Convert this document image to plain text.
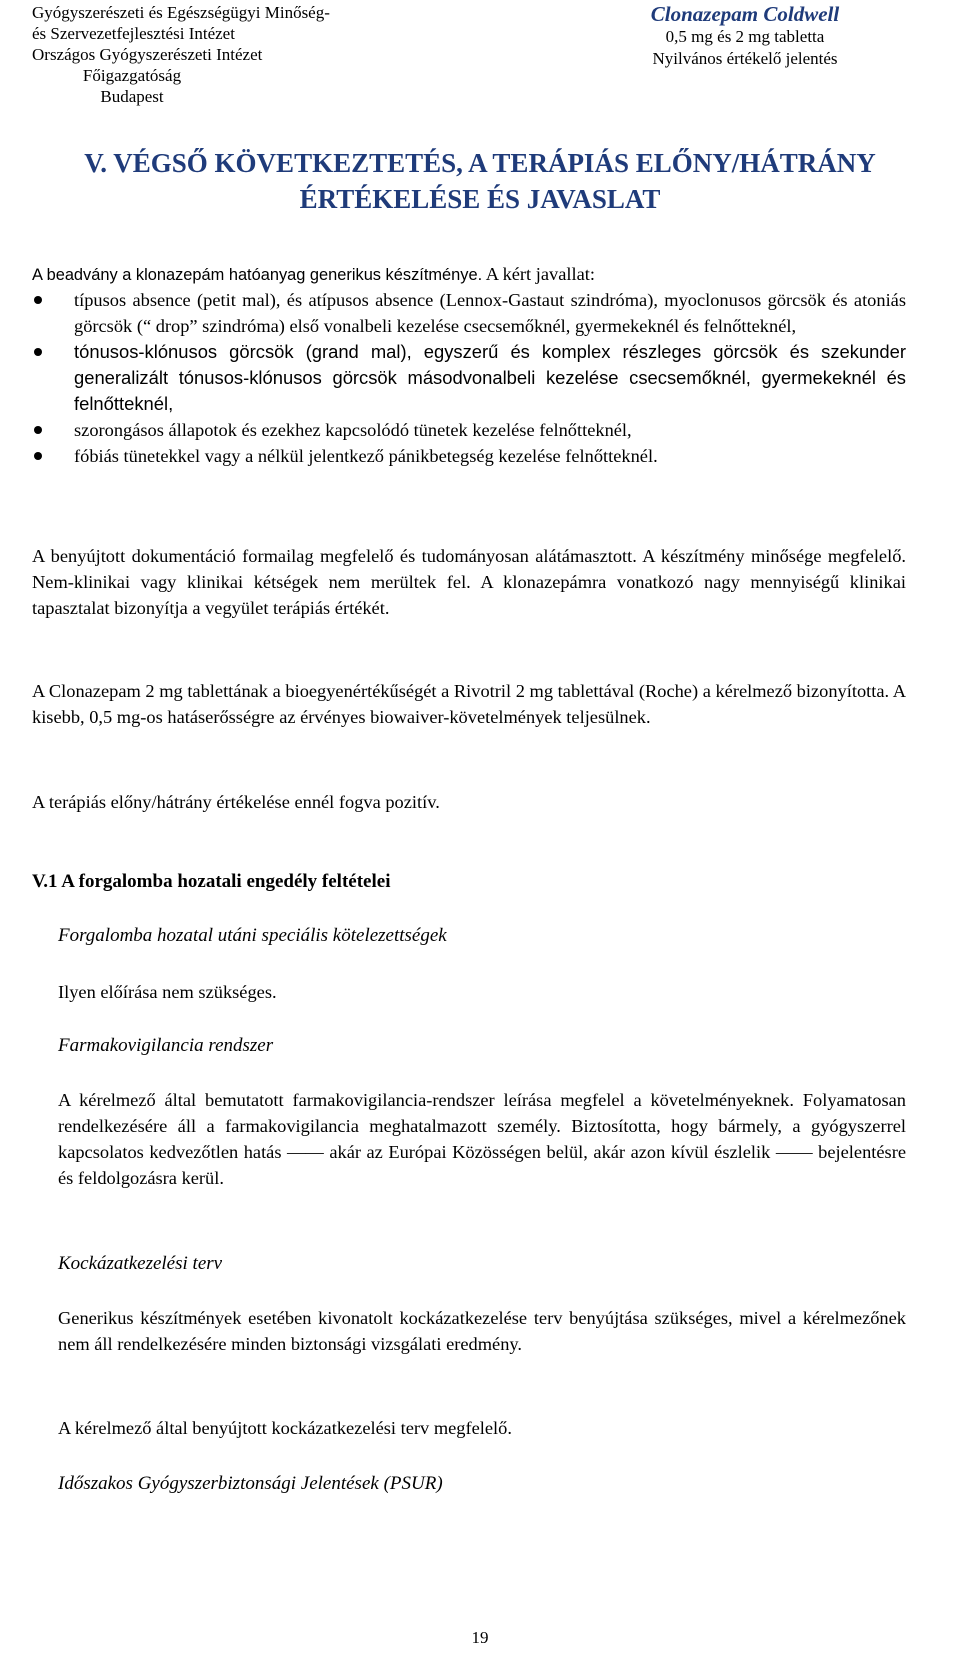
Gyógyszerészeti és Egészségügyi Minőség-
és Szervezetfejlesztési Intézet
Országos Gyógyszerészeti Intézet
Főigazgatóság
Budapest
Clonazepam Coldwell
0,5 mg és 2 mg tabletta
Nyilvános értékelő jelentés
V. VÉGSŐ KÖVETKEZTETÉS, A TERÁPIÁS ELŐNY/HÁTRÁNY
ÉRTÉKELÉSE ÉS JAVASLAT
A beadvány a klonazepám hatóanyag generikus készítménye. A kért javallat:
típusos absence (petit mal), és atípusos absence (Lennox-Gastaut szindróma), myoclonusos görcsök és atoniás görcsök (“ drop” szindróma) első vonalbeli kezelése csecsemőknél, gyermekeknél és felnőtteknél,
tónusos-klónusos görcsök (grand mal), egyszerű és komplex részleges görcsök és szekunder generalizált tónusos-klónusos görcsök másodvonalbeli kezelése csecsemőknél, gyermekeknél és felnőtteknél,
szorongásos állapotok és ezekhez kapcsolódó tünetek kezelése felnőtteknél,
fóbiás tünetekkel vagy a nélkül jelentkező pánikbetegség kezelése felnőtteknél.
A benyújtott dokumentáció formailag megfelelő és tudományosan alátámasztott. A készítmény minősége megfelelő. Nem-klinikai vagy klinikai kétségek nem merültek fel. A klonazepámra vonatkozó nagy mennyiségű klinikai tapasztalat bizonyítja a vegyület terápiás értékét.
A Clonazepam 2 mg tablettának a bioegyenértékűségét a Rivotril 2 mg tablettával (Roche) a kérelmező bizonyította. A kisebb, 0,5 mg-os hatáserősségre az érvényes biowaiver-követelmények teljesülnek.
A terápiás előny/hátrány értékelése ennél fogva pozitív.
V.1 A forgalomba hozatali engedély feltételei
Forgalomba hozatal utáni speciális kötelezettségek
Ilyen előírása nem szükséges.
Farmakovigilancia rendszer
A kérelmező által bemutatott farmakovigilancia-rendszer leírása megfelel a követelményeknek. Folyamatosan rendelkezésére áll a farmakovigilancia meghatalmazott személy. Biztosította, hogy bármely, a gyógyszerrel kapcsolatos kedvezőtlen hatás —— akár az Európai Közösségen belül, akár azon kívül észlelik —— bejelentésre és feldolgozásra kerül.
Kockázatkezelési terv
Generikus készítmények esetében kivonatolt kockázatkezelése terv benyújtása szükséges, mivel a kérelmezőnek nem áll rendelkezésére minden biztonsági vizsgálati eredmény.
A kérelmező által benyújtott kockázatkezelési terv megfelelő.
Időszakos Gyógyszerbiztonsági Jelentések (PSUR)
19
